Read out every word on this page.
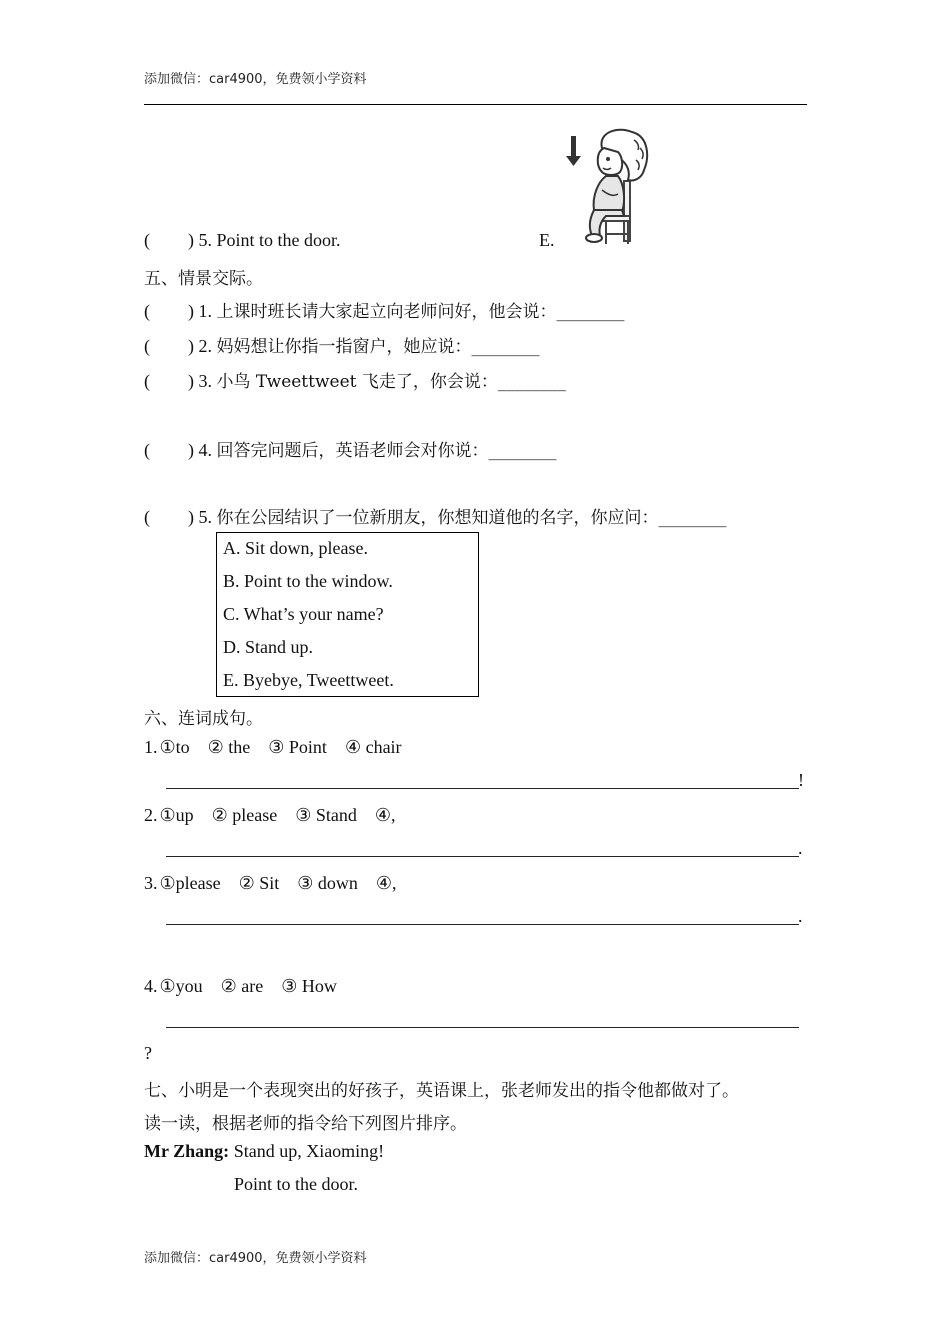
添加微信：car4900，免费领小学资料
( ) 5. Point to the door.	E.
五、情景交际。
( ) 1. 上课时班长请大家起立向老师问好，他会说：________
( ) 2. 妈妈想让你指一指窗户，她应说：________
( ) 3. 小鸟 Tweettweet 飞走了，你会说：________
( ) 4. 回答完问题后，英语老师会对你说：________
( ) 5. 你在公园结识了一位新朋友，你想知道他的名字，你应问：________
A. Sit down, please.
B. Point to the window.
C. What’s your name?
D. Stand up.
E. Byebye, Tweettweet.
六、连词成句。
1. ①to ② the ③ Point ④ chair
!
2. ①up ② please ③ Stand ④,
.
3. ①please ② Sit ③ down ④,
.
4. ①you ② are ③ How
?
七、小明是一个表现突出的好孩子，英语课上，张老师发出的指令他都做对了。
读一读，根据老师的指令给下列图片排序。
Mr Zhang: Stand up, Xiaoming!
Point to the door.
添加微信：car4900，免费领小学资料
